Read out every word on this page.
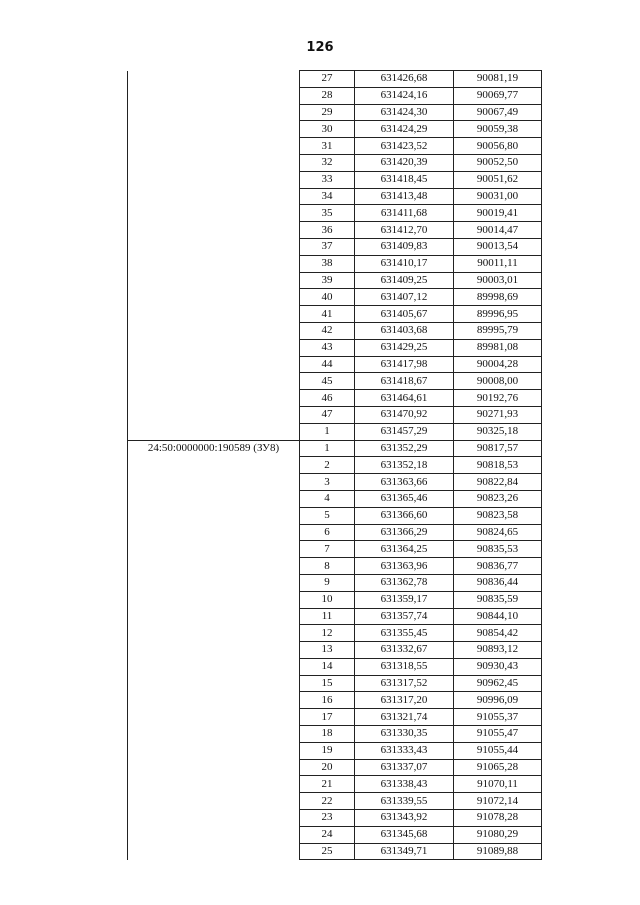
126
	27	631426,68	90081,19
	28	631424,16	90069,77
	29	631424,30	90067,49
	30	631424,29	90059,38
	31	631423,52	90056,80
	32	631420,39	90052,50
	33	631418,45	90051,62
	34	631413,48	90031,00
	35	631411,68	90019,41
	36	631412,70	90014,47
	37	631409,83	90013,54
	38	631410,17	90011,11
	39	631409,25	90003,01
	40	631407,12	89998,69
	41	631405,67	89996,95
	42	631403,68	89995,79
	43	631429,25	89981,08
	44	631417,98	90004,28
	45	631418,67	90008,00
	46	631464,61	90192,76
	47	631470,92	90271,93
	1	631457,29	90325,18
24:50:0000000:190589 (ЗУ8)	1	631352,29	90817,57
	2	631352,18	90818,53
	3	631363,66	90822,84
	4	631365,46	90823,26
	5	631366,60	90823,58
	6	631366,29	90824,65
	7	631364,25	90835,53
	8	631363,96	90836,77
	9	631362,78	90836,44
	10	631359,17	90835,59
	11	631357,74	90844,10
	12	631355,45	90854,42
	13	631332,67	90893,12
	14	631318,55	90930,43
	15	631317,52	90962,45
	16	631317,20	90996,09
	17	631321,74	91055,37
	18	631330,35	91055,47
	19	631333,43	91055,44
	20	631337,07	91065,28
	21	631338,43	91070,11
	22	631339,55	91072,14
	23	631343,92	91078,28
	24	631345,68	91080,29
	25	631349,71	91089,88
